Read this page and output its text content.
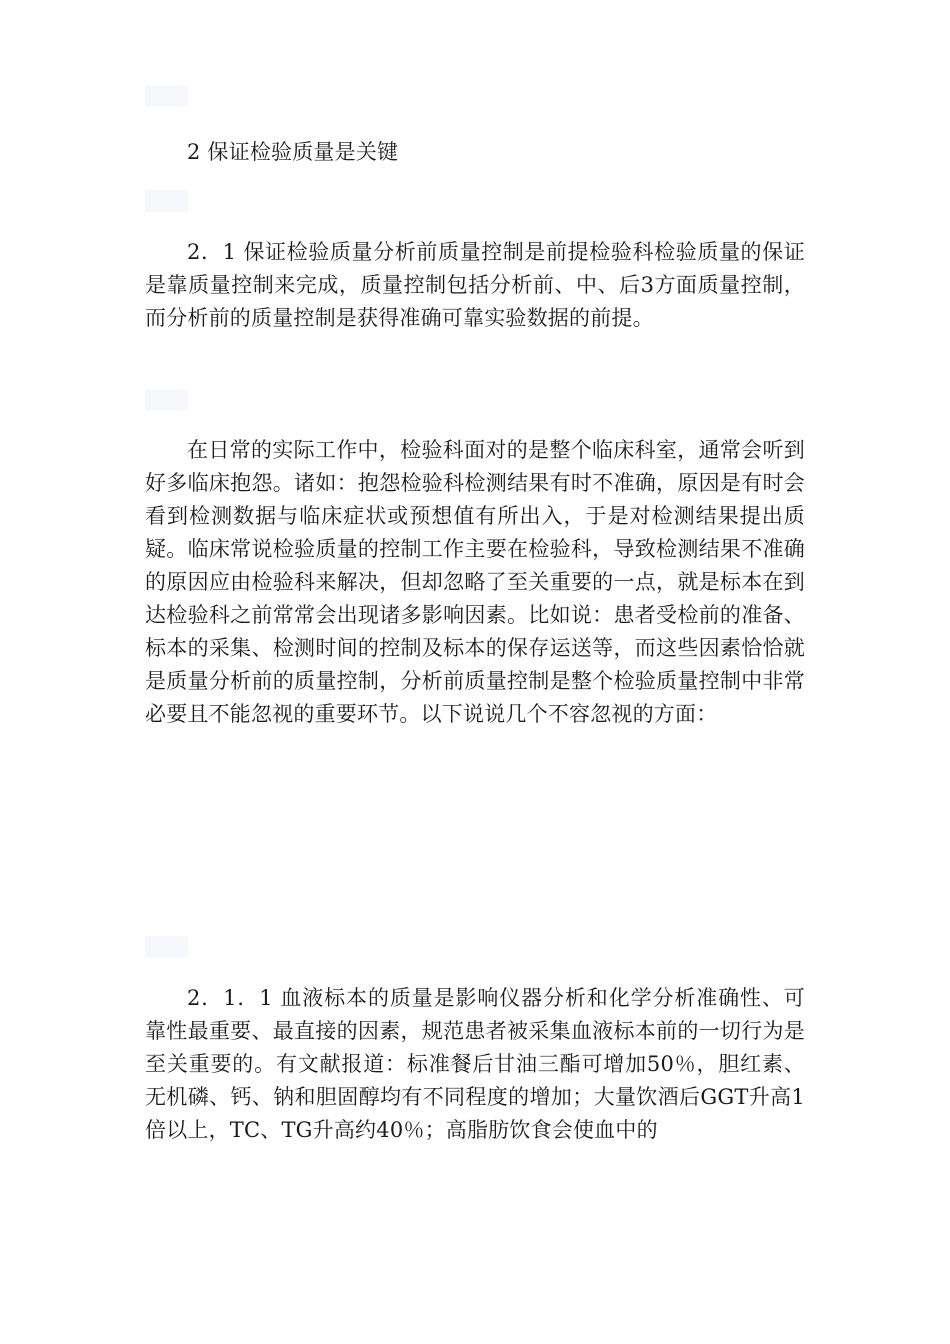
2 保证检验质量是关键

2．1 保证检验质量分析前质量控制是前提检验科检验质量的保证是靠质量控制来完成，质量控制包括分析前、中、后3方面质量控制，而分析前的质量控制是获得准确可靠实验数据的前提。

在日常的实际工作中，检验科面对的是整个临床科室，通常会听到好多临床抱怨。诸如：抱怨检验科检测结果有时不准确，原因是有时会看到检测数据与临床症状或预想值有所出入，于是对检测结果提出质疑。临床常说检验质量的控制工作主要在检验科，导致检测结果不准确的原因应由检验科来解决，但却忽略了至关重要的一点，就是标本在到达检验科之前常常会出现诸多影响因素。比如说：患者受检前的准备、标本的采集、检测时间的控制及标本的保存运送等，而这些因素恰恰就是质量分析前的质量控制，分析前质量控制是整个检验质量控制中非常必要且不能忽视的重要环节。以下说说几个不容忽视的方面：

2．1．1 血液标本的质量是影响仪器分析和化学分析准确性、可靠性最重要、最直接的因素，规范患者被采集血液标本前的一切行为是至关重要的。有文献报道：标准餐后甘油三酯可增加50％，胆红素、无机磷、钙、钠和胆固醇均有不同程度的增加；大量饮酒后GGT升高1倍以上，TC、TG升高约40％；高脂肪饮食会使血中的
